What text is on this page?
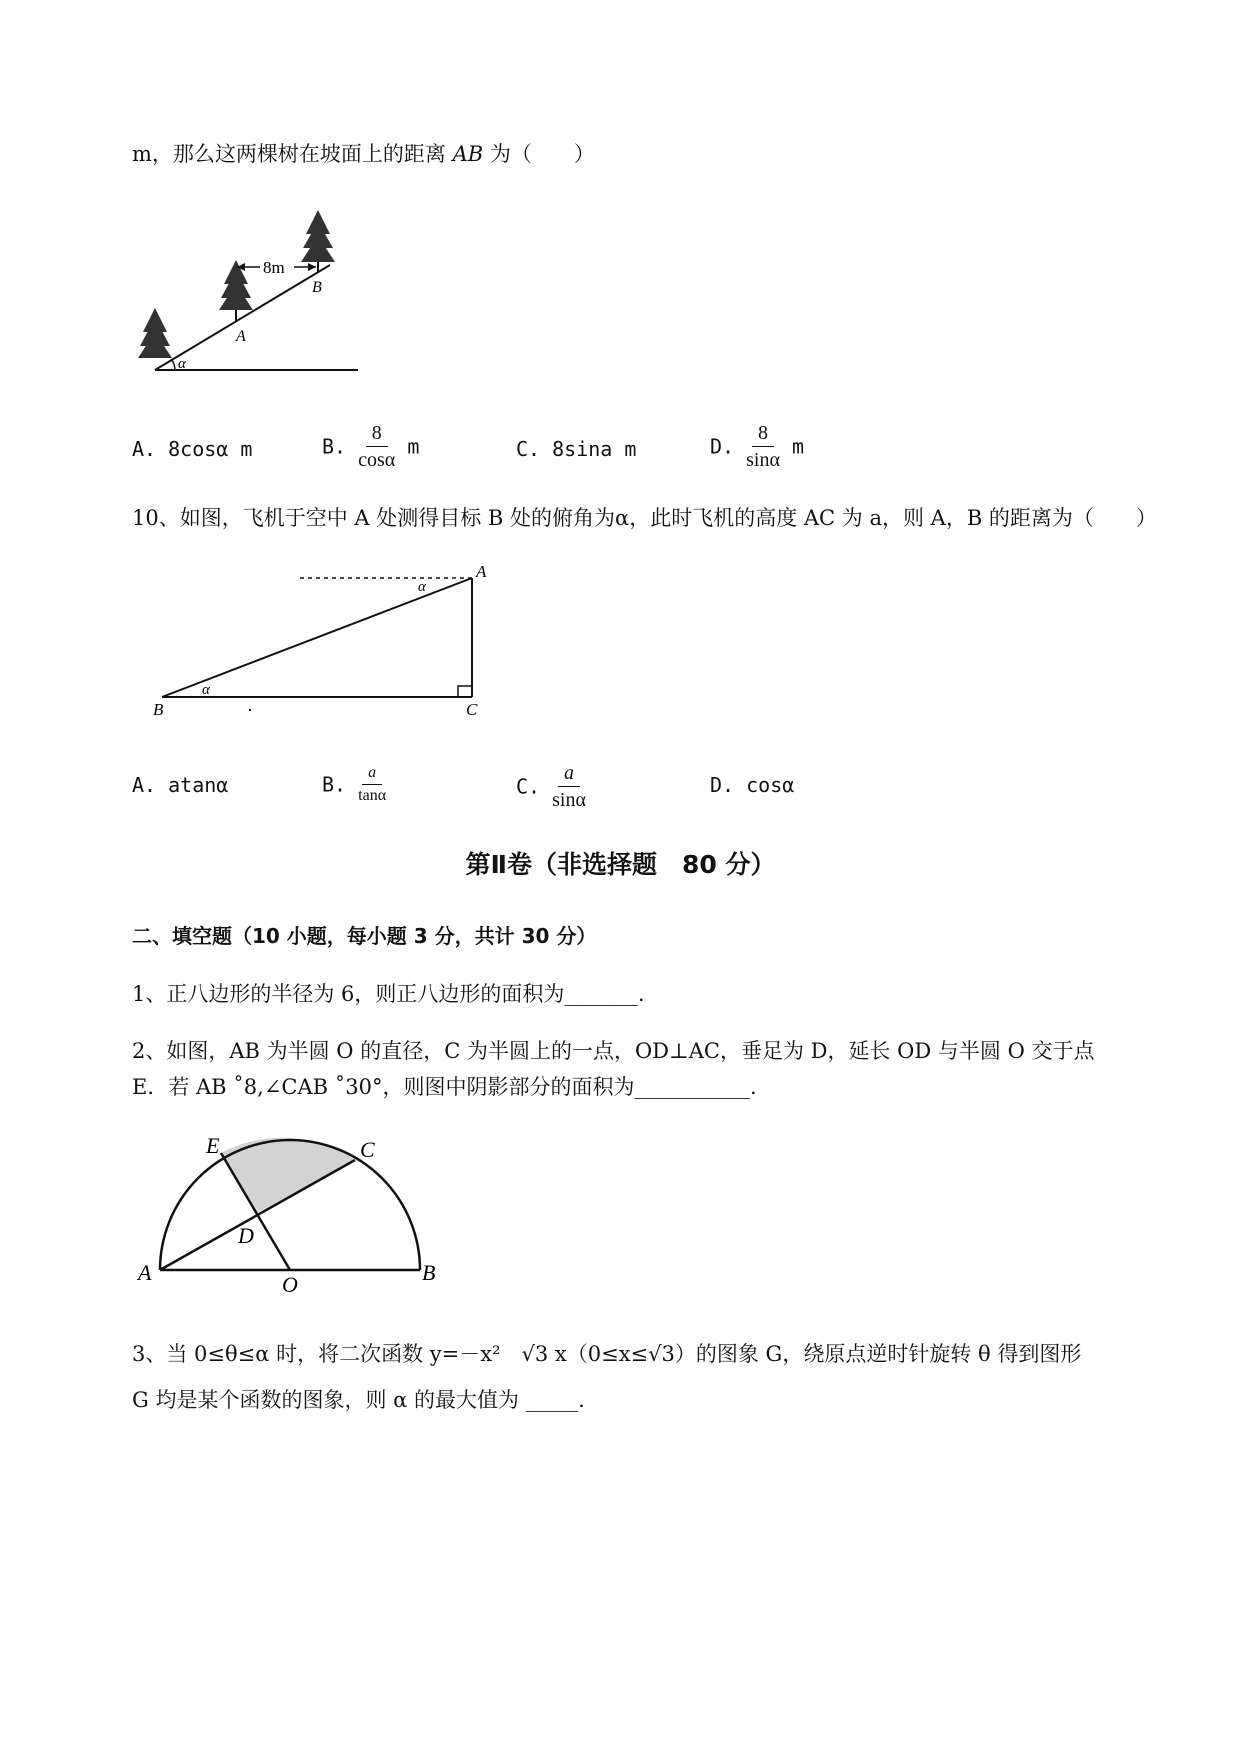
m，那么这两棵树在坡面上的距离 AB 为（　　）
α
A
B
8m
A. 8cosα m	B. $\frac{8}{\cos\alpha}$ m	C. 8sina m	D. $\frac{8}{\sin\alpha}$ m
10、如图，飞机于空中 A 处测得目标 B 处的俯角为α，此时飞机的高度 AC 为 a，则 A，B 的距离为（　　）
A
B	C
α
α
A. atanα	B. $\frac{a}{\tan\alpha}$	C. $\frac{a}{\sin\alpha}$	D. cosα
第Ⅱ卷（非选择题　80 分）
二、填空题（10 小题，每小题 3 分，共计 30 分）
1、正八边形的半径为 6，则正八边形的面积为_______.
2、如图，AB 为半圆 O 的直径，C 为半圆上的一点，OD⊥AC，垂足为 D，延长 OD 与半圆 O 交于点
E．若 AB ˚8,∠CAB ˚30°，则图中阴影部分的面积为___________.
A	B
C
D
E
O
3、当 0≤θ≤α 时，将二次函数 y=－x²　√3 x（0≤x≤√3）的图象 G，绕原点逆时针旋转 θ 得到图形
G 均是某个函数的图象，则 α 的最大值为 _____.
